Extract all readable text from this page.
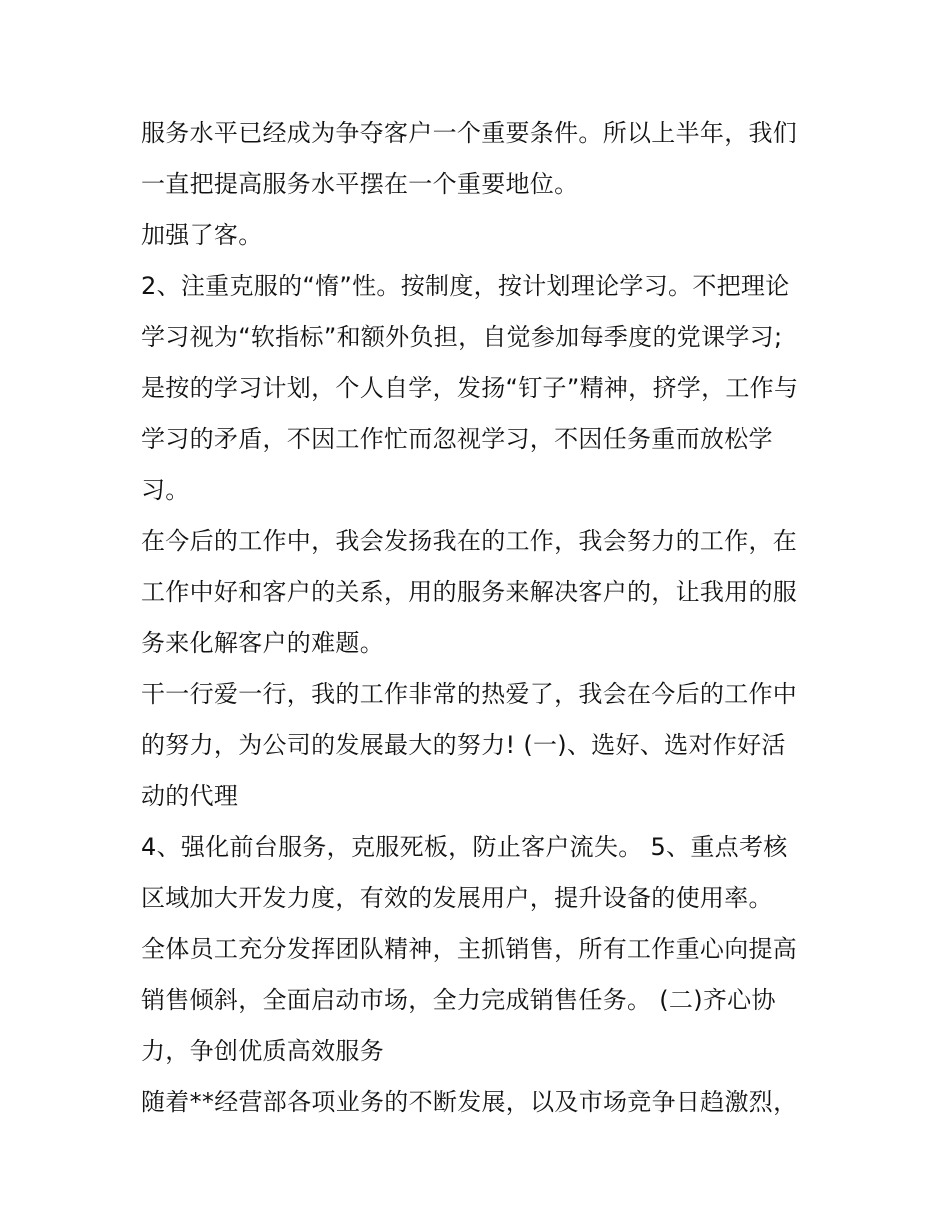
服务水平已经成为争夺客户一个重要条件。所以上半年，我们
一直把提高服务水平摆在一个重要地位。
加强了客。
2、注重克服的“惰”性。按制度，按计划理论学习。不把理论
学习视为“软指标”和额外负担，自觉参加每季度的党课学习;
是按的学习计划，个人自学，发扬“钉子”精神，挤学，工作与
学习的矛盾，不因工作忙而忽视学习，不因任务重而放松学
习。
在今后的工作中，我会发扬我在的工作，我会努力的工作，在
工作中好和客户的关系，用的服务来解决客户的，让我用的服
务来化解客户的难题。
干一行爱一行，我的工作非常的热爱了，我会在今后的工作中
的努力，为公司的发展最大的努力! (一)、选好、选对作好活
动的代理
4、强化前台服务，克服死板，防止客户流失。 5、重点考核
区域加大开发力度，有效的发展用户，提升设备的使用率。
全体员工充分发挥团队精神，主抓销售，所有工作重心向提高
销售倾斜，全面启动市场，全力完成销售任务。 (二)齐心协
力，争创优质高效服务
随着**经营部各项业务的不断发展，以及市场竞争日趋激烈，
